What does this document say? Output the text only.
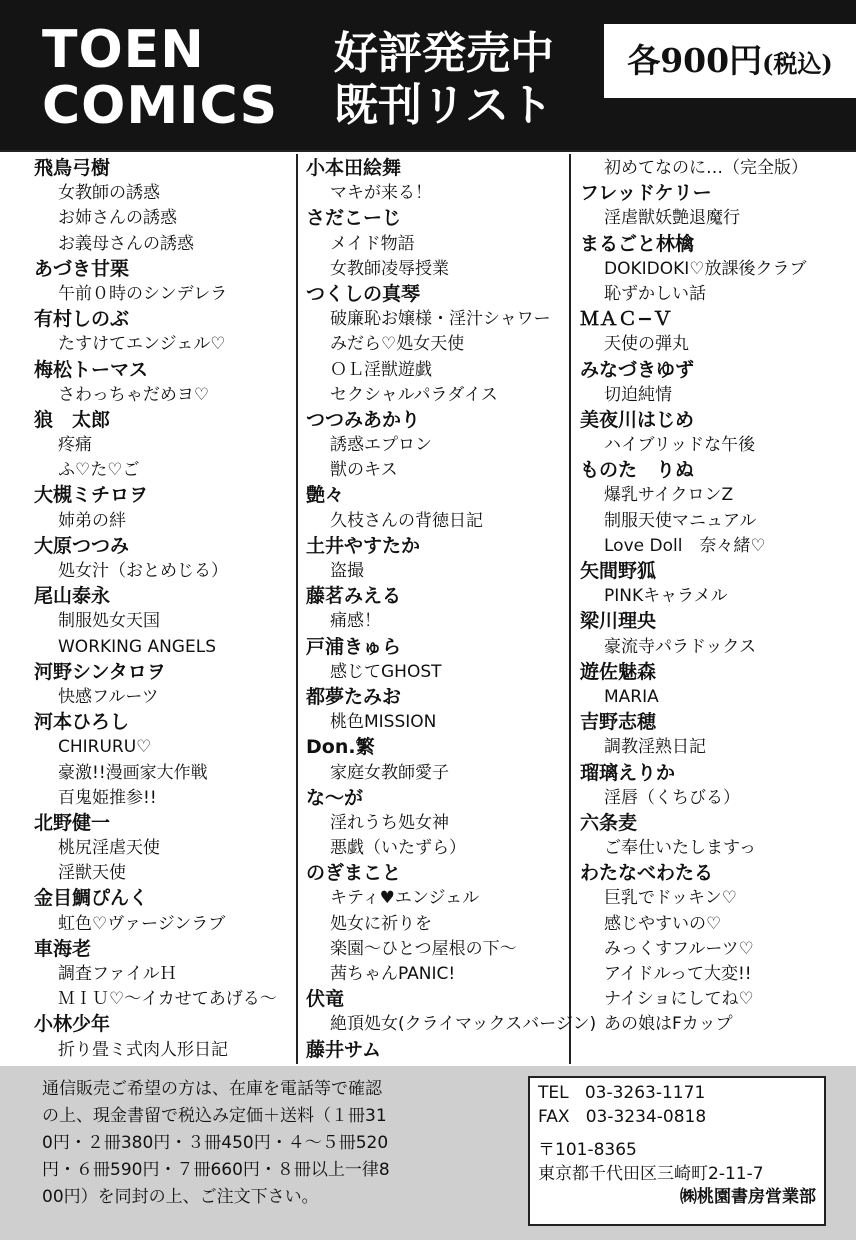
TOEN
COMICS
好評発売中
既刊リスト
各900円(税込)
飛鳥弓樹
女教師の誘惑
お姉さんの誘惑
お義母さんの誘惑
あづき甘栗
午前０時のシンデレラ
有村しのぶ
たすけてエンジェル♡
梅松トーマス
さわっちゃだめヨ♡
狼　太郎
疼痛
ふ♡た♡ご
大槻ミチロヲ
姉弟の絆
大原つつみ
処女汁（おとめじる）
尾山泰永
制服処女天国
WORKING ANGELS
河野シンタロヲ
快感フルーツ
河本ひろし
CHIRURU♡
豪激!!漫画家大作戦
百鬼姫推参!!
北野健一
桃尻淫虐天使
淫獣天使
金目鯛ぴんく
虹色♡ヴァージンラブ
車海老
調査ファイルＨ
ＭＩＵ♡〜イカせてあげる〜
小林少年
折り畳ミ式肉人形日記
小本田絵舞
マキが来る！
さだこーじ
メイド物語
女教師凌辱授業
つくしの真琴
破廉恥お嬢様・淫汁シャワー
みだら♡処女天使
ＯＬ淫獣遊戯
セクシャルパラダイス
つつみあかり
誘惑エプロン
獣のキス
艶々
久枝さんの背徳日記
土井やすたか
盗撮
藤茗みえる
痛感！
戸浦きゅら
感じてGHOST
都夢たみお
桃色MISSION
Don.繁
家庭女教師愛子
な〜が
淫れうち処女神
悪戯（いたずら）
のぎまこと
キティ♥エンジェル
処女に祈りを
楽園〜ひとつ屋根の下〜
茜ちゃんPANIC!
伏竜
絶頂処女(クライマックスバージン)
藤井サム
初めてなのに…（完全版）
フレッドケリー
淫虐獣妖艶退魔行
まるごと林檎
DOKIDOKI♡放課後クラブ
恥ずかしい話
ＭＡＣ−Ｖ
天使の弾丸
みなづきゆず
切迫純情
美夜川はじめ
ハイブリッドな午後
ものた　りぬ
爆乳サイクロンZ
制服天使マニュアル
Love Doll　奈々緒♡
矢間野狐
PINKキャラメル
梁川理央
豪流寺パラドックス
遊佐魅森
MARIA
吉野志穂
調教淫熟日記
瑠璃えりか
淫唇（くちびる）
六条麦
ご奉仕いたしますっ
わたなべわたる
巨乳でドッキン♡
感じやすいの♡
みっくすフルーツ♡
アイドルって大変!!
ナイショにしてね♡
あの娘はFカップ
通信販売ご希望の方は、在庫を電話等で確認
の上、現金書留で税込み定価＋送料（１冊31
0円・２冊380円・３冊450円・４〜５冊520
円・６冊590円・７冊660円・８冊以上一律8
00円）を同封の上、ご注文下さい。
TEL 03-3263-1171
FAX 03-3234-0818
〒101-8365
東京都千代田区三崎町2-11-7
㈱桃園書房営業部
